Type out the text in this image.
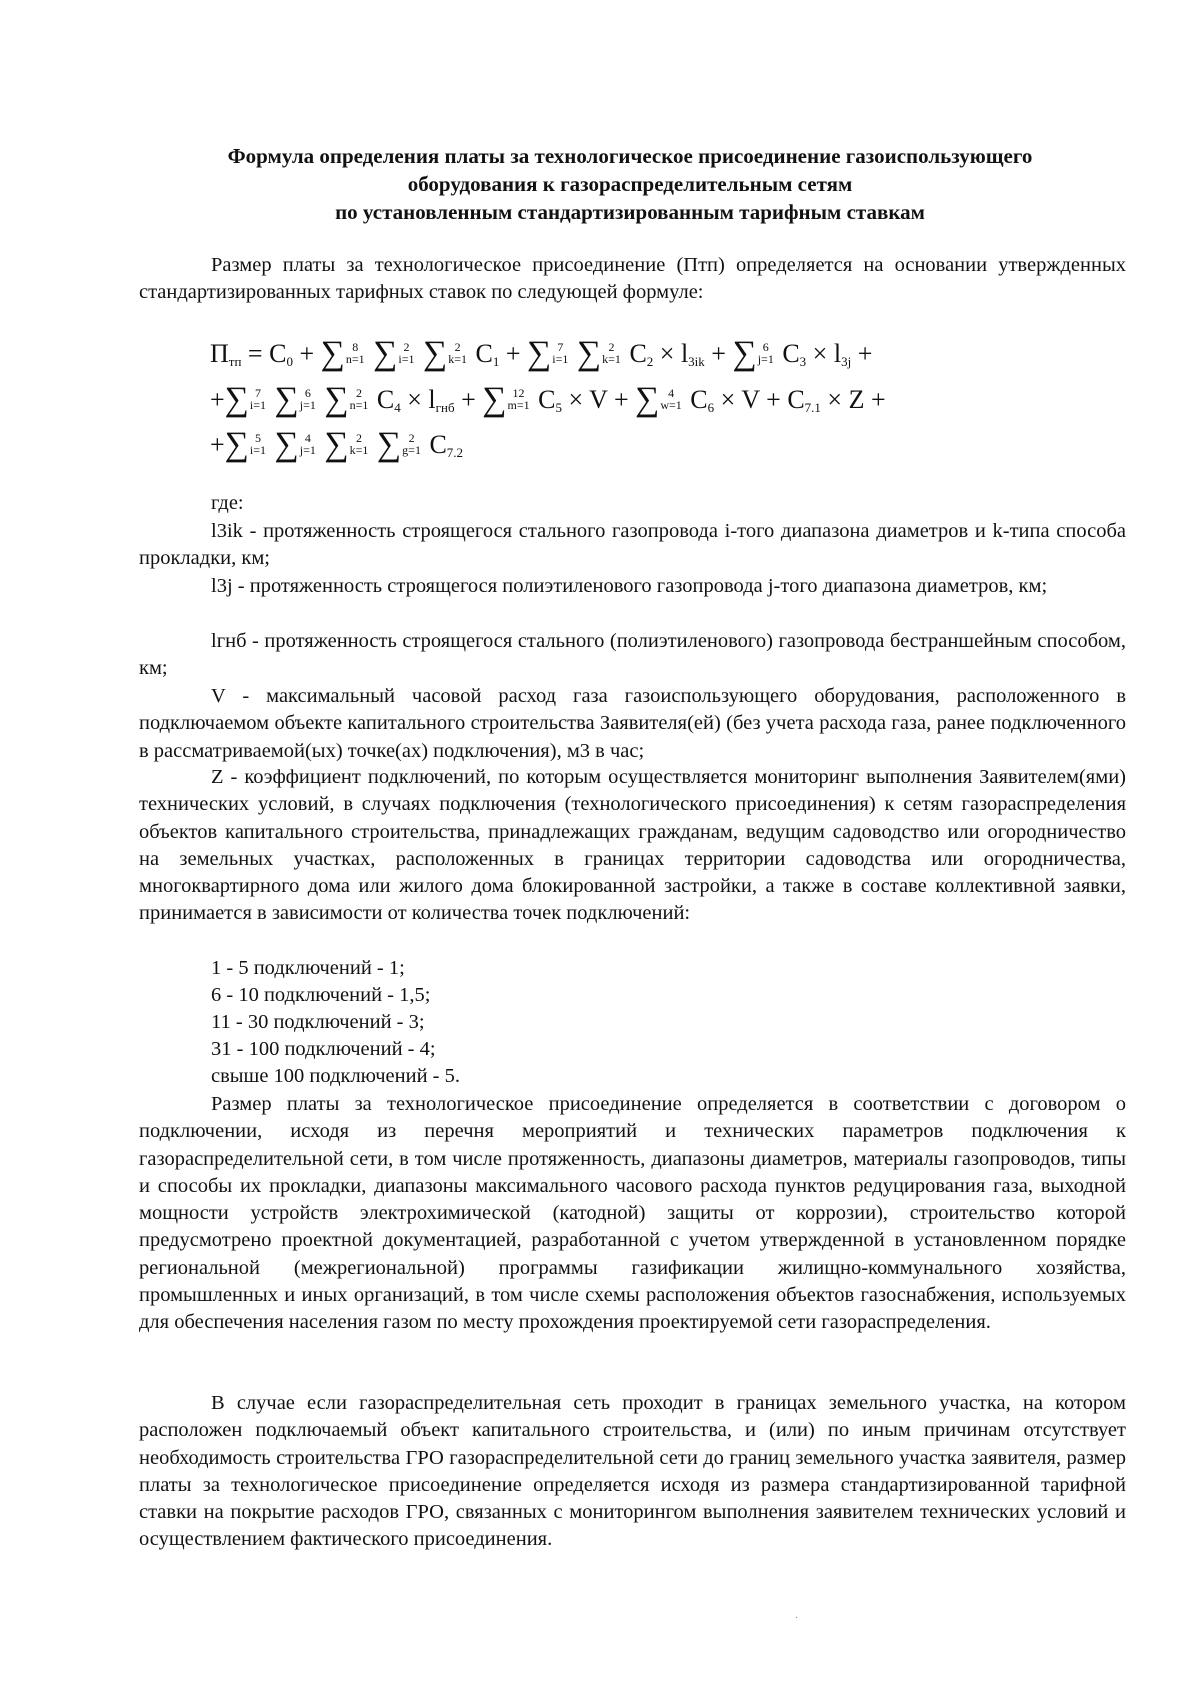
Формула определения платы за технологическое присоединение газоиспользующего
оборудования к газораспределительным сетям
по установленным стандартизированным тарифным ставкам
Размер платы за технологическое присоединение (Птп) определяется на основании утвержденных стандартизированных тарифных ставок по следующей формуле:
$П_{тп} = C_0$ + ∑ 8
n=1 ∑ 2
i=1 ∑ 2
k=1 $C_1$ + ∑ 7
i=1 ∑ 2
k=1 $C_2 \times l_{3ik}$ + ∑ 6
j=1 $C_3 \times l_{3j}$ +
+∑ 7
i=1 ∑ 6
j=1 ∑ 2
n=1 $C_4 \times l_{гнб}$ + ∑ 12
m=1 $C_5 \times V$ + ∑ 4
w=1 $C_6 \times V + C_{7.1} \times Z$ +
+∑ 5
i=1 ∑ 4
j=1 ∑ 2
k=1 ∑ 2
g=1 $C_{7.2}$
где:
l3ik - протяженность строящегося стального газопровода i-того диапазона диаметров и k-типа способа прокладки, км;
l3j - протяженность строящегося полиэтиленового газопровода j-того диапазона диаметров, км;
lгнб - протяженность строящегося стального (полиэтиленового) газопровода бестраншейным способом, км;
V - максимальный часовой расход газа газоиспользующего оборудования, расположенного в подключаемом объекте капитального строительства Заявителя(ей) (без учета расхода газа, ранее подключенного в рассматриваемой(ых) точке(ах) подключения), м3 в час;
Z - коэффициент подключений, по которым осуществляется мониторинг выполнения Заявителем(ями) технических условий, в случаях подключения (технологического присоединения) к сетям газораспределения объектов капитального строительства, принадлежащих гражданам, ведущим садоводство или огородничество на земельных участках, расположенных в границах территории садоводства или огородничества, многоквартирного дома или жилого дома блокированной застройки, а также в составе коллективной заявки, принимается в зависимости от количества точек подключений:
1 - 5 подключений - 1;
6 - 10 подключений - 1,5;
11 - 30 подключений - 3;
31 - 100 подключений - 4;
свыше 100 подключений - 5.
Размер платы за технологическое присоединение определяется в соответствии с договором о подключении, исходя из перечня мероприятий и технических параметров подключения к газораспределительной сети, в том числе протяженность, диапазоны диаметров, материалы газопроводов, типы и способы их прокладки, диапазоны максимального часового расхода пунктов редуцирования газа, выходной мощности устройств электрохимической (катодной) защиты от коррозии), строительство которой предусмотрено проектной документацией, разработанной с учетом утвержденной в установленном порядке региональной (межрегиональной) программы газификации жилищно-коммунального хозяйства, промышленных и иных организаций, в том числе схемы расположения объектов газоснабжения, используемых для обеспечения населения газом по месту прохождения проектируемой сети газораспределения.
В случае если газораспределительная сеть проходит в границах земельного участка, на котором расположен подключаемый объект капитального строительства, и (или) по иным причинам отсутствует необходимость строительства ГРО газораспределительной сети до границ земельного участка заявителя, размер платы за технологическое присоединение определяется исходя из размера стандартизированной тарифной ставки на покрытие расходов ГРО, связанных с мониторингом выполнения заявителем технических условий и осуществлением фактического присоединения.
·
